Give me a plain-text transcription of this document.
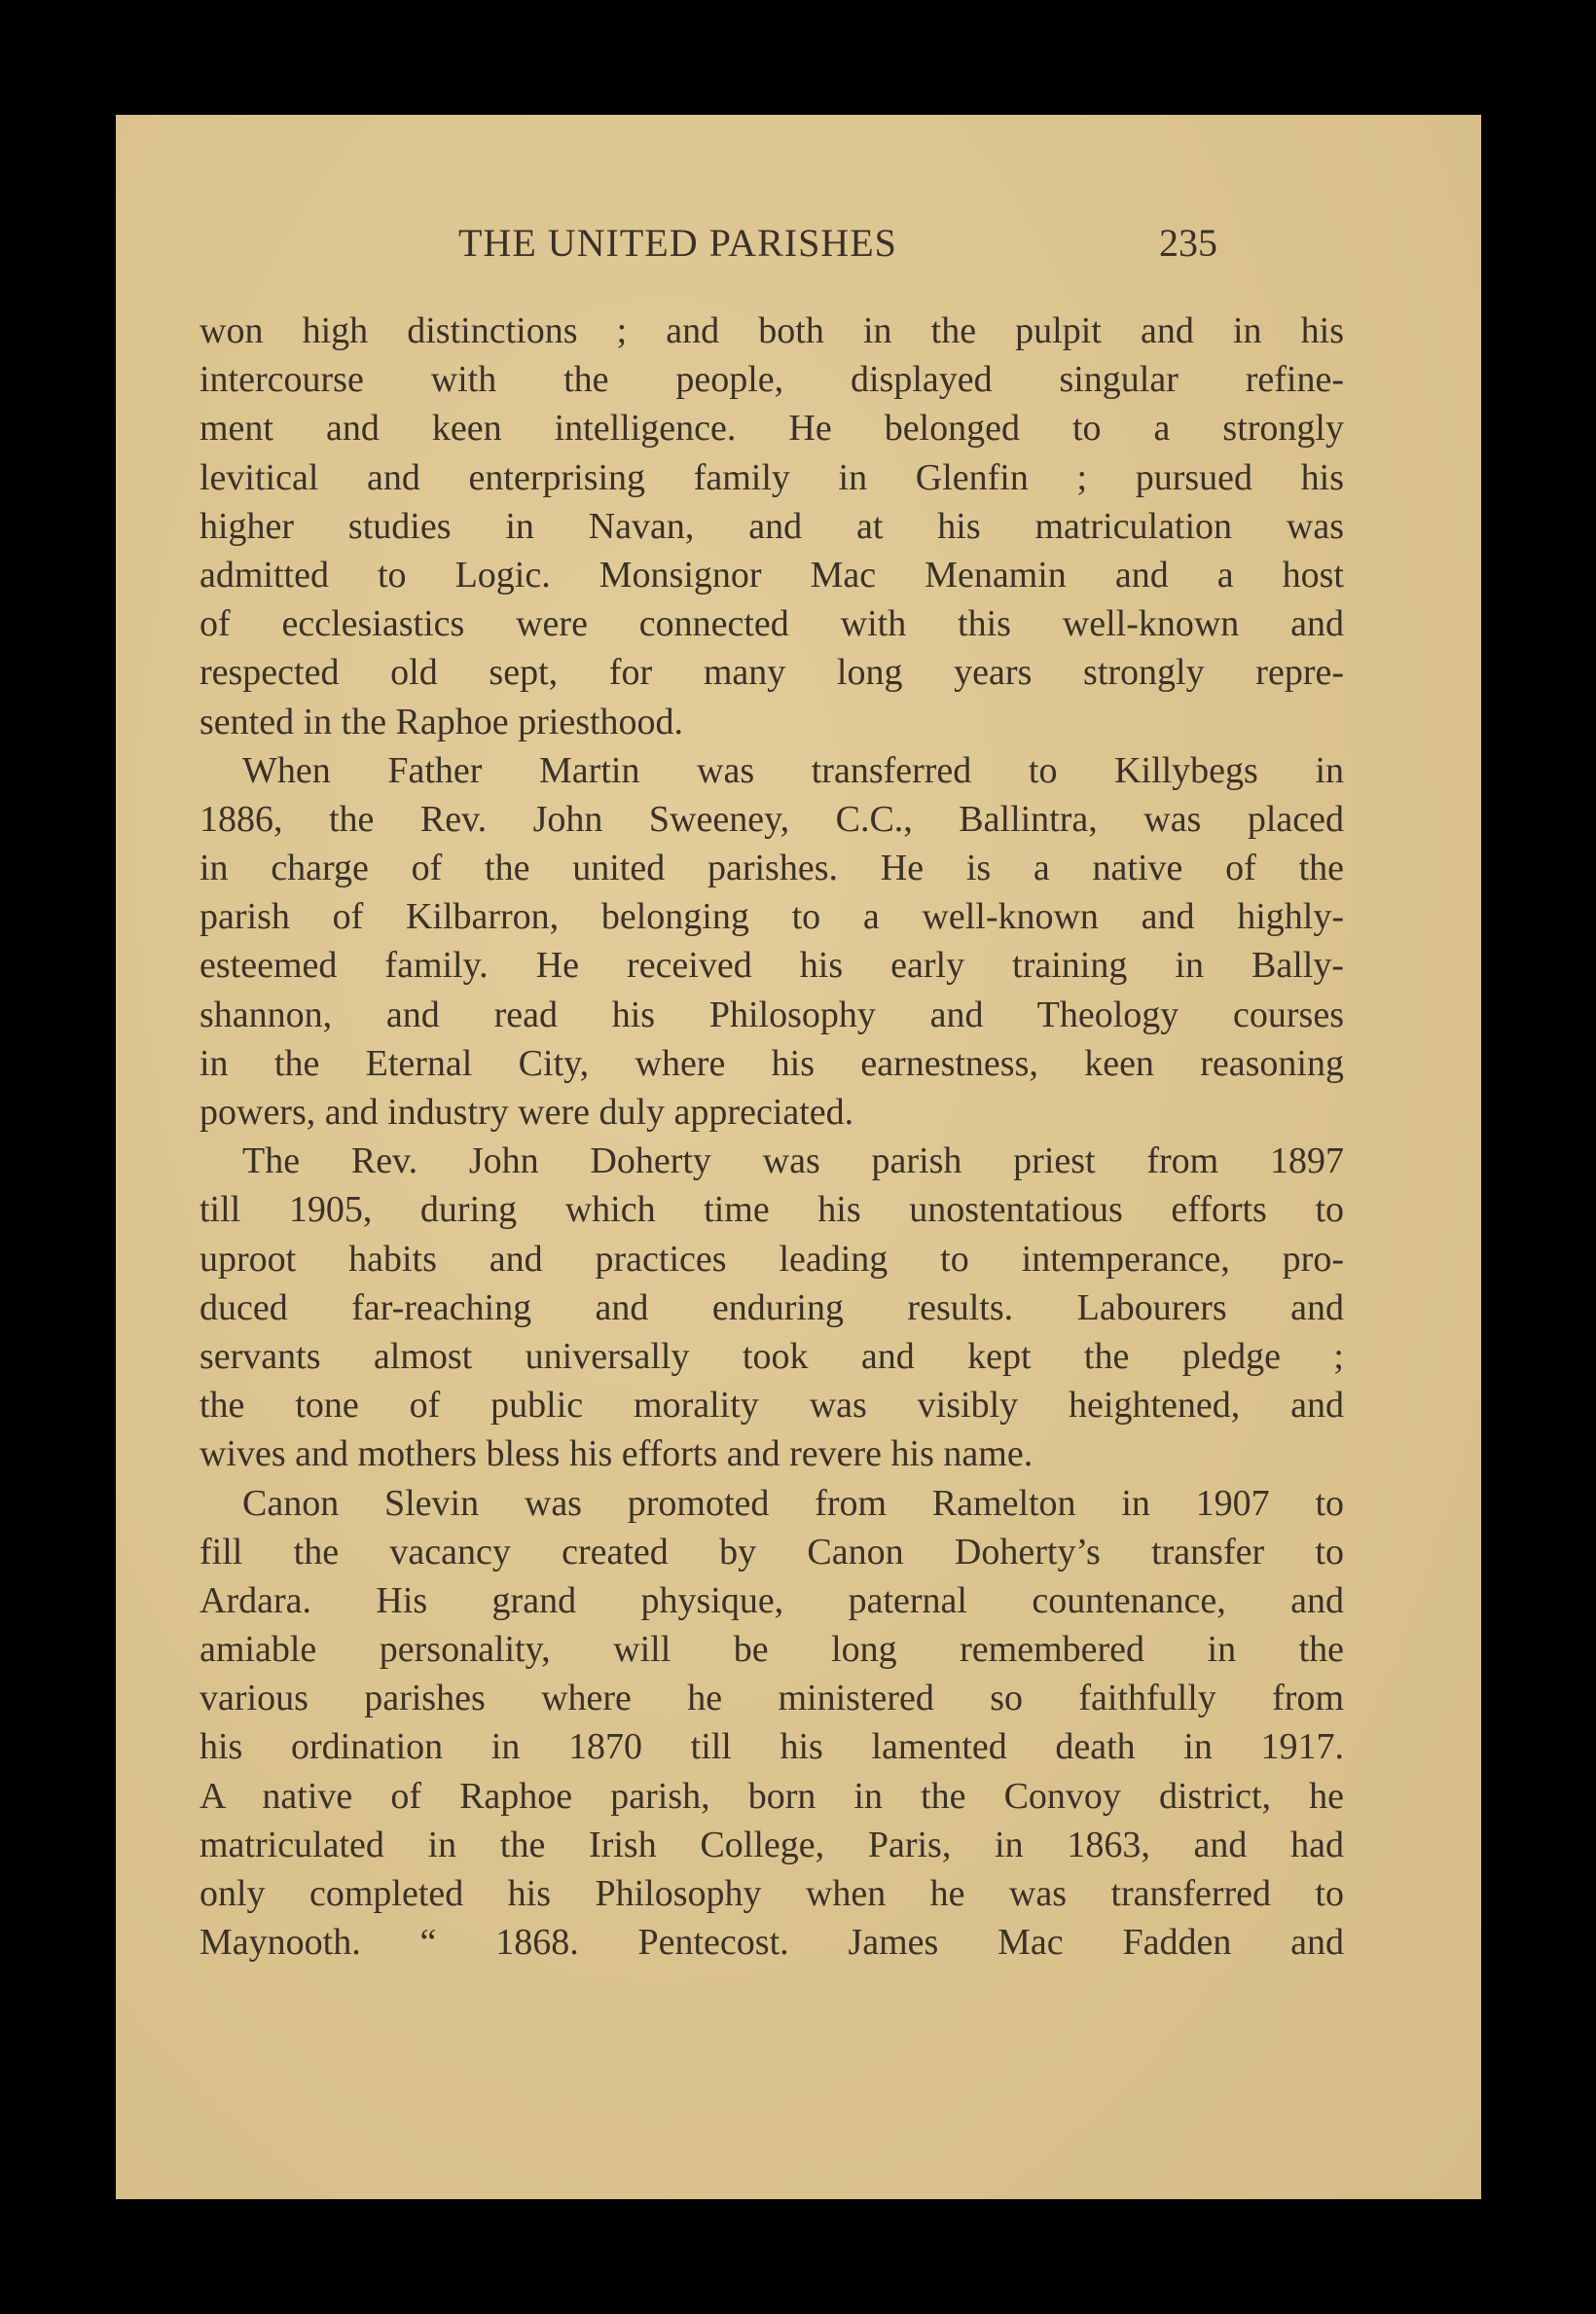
THE UNITED PARISHES	235
won high distinctions ; and both in the pulpit and in his
intercourse with the people, displayed singular refine-
ment and keen intelligence. He belonged to a strongly
levitical and enterprising family in Glenfin ; pursued his
higher studies in Navan, and at his matriculation was
admitted to Logic. Monsignor Mac Menamin and a host
of ecclesiastics were connected with this well-known and
respected old sept, for many long years strongly repre-
sented in the Raphoe priesthood.
When Father Martin was transferred to Killybegs in
1886, the Rev. John Sweeney, C.C., Ballintra, was placed
in charge of the united parishes. He is a native of the
parish of Kilbarron, belonging to a well-known and highly-
esteemed family. He received his early training in Bally-
shannon, and read his Philosophy and Theology courses
in the Eternal City, where his earnestness, keen reasoning
powers, and industry were duly appreciated.
The Rev. John Doherty was parish priest from 1897
till 1905, during which time his unostentatious efforts to
uproot habits and practices leading to intemperance, pro-
duced far-reaching and enduring results. Labourers and
servants almost universally took and kept the pledge ;
the tone of public morality was visibly heightened, and
wives and mothers bless his efforts and revere his name.
Canon Slevin was promoted from Ramelton in 1907 to
fill the vacancy created by Canon Doherty’s transfer to
Ardara. His grand physique, paternal countenance, and
amiable personality, will be long remembered in the
various parishes where he ministered so faithfully from
his ordination in 1870 till his lamented death in 1917.
A native of Raphoe parish, born in the Convoy district, he
matriculated in the Irish College, Paris, in 1863, and had
only completed his Philosophy when he was transferred to
Maynooth. “ 1868. Pentecost. James Mac Fadden and
